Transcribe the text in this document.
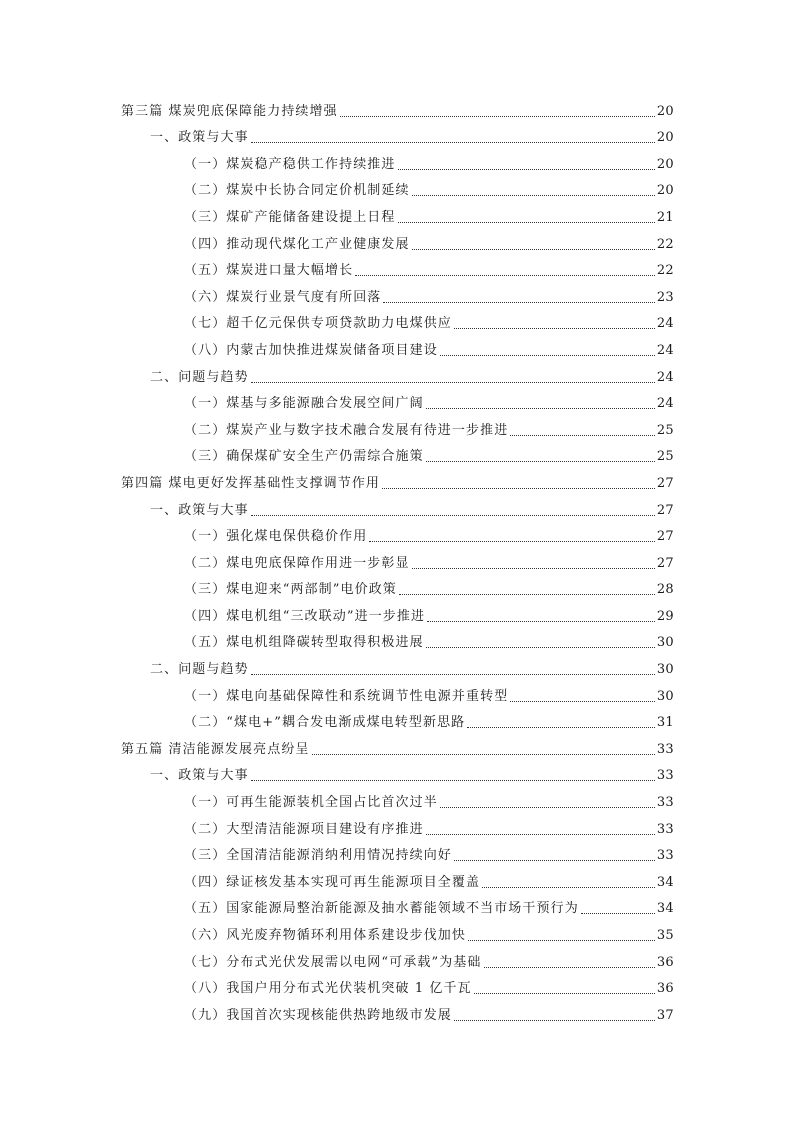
第三篇 煤炭兜底保障能力持续增强	20
一、政策与大事	20
（一）煤炭稳产稳供工作持续推进	20
（二）煤炭中长协合同定价机制延续	20
（三）煤矿产能储备建设提上日程	21
（四）推动现代煤化工产业健康发展	22
（五）煤炭进口量大幅增长	22
（六）煤炭行业景气度有所回落	23
（七）超千亿元保供专项贷款助力电煤供应	24
（八）内蒙古加快推进煤炭储备项目建设	24
二、问题与趋势	24
（一）煤基与多能源融合发展空间广阔	24
（二）煤炭产业与数字技术融合发展有待进一步推进	25
（三）确保煤矿安全生产仍需综合施策	25
第四篇 煤电更好发挥基础性支撑调节作用	27
一、政策与大事	27
（一）强化煤电保供稳价作用	27
（二）煤电兜底保障作用进一步彰显	27
（三）煤电迎来“两部制”电价政策	28
（四）煤电机组“三改联动”进一步推进	29
（五）煤电机组降碳转型取得积极进展	30
二、问题与趋势	30
（一）煤电向基础保障性和系统调节性电源并重转型	30
（二）“煤电+”耦合发电渐成煤电转型新思路	31
第五篇 清洁能源发展亮点纷呈	33
一、政策与大事	33
（一）可再生能源装机全国占比首次过半	33
（二）大型清洁能源项目建设有序推进	33
（三）全国清洁能源消纳利用情况持续向好	33
（四）绿证核发基本实现可再生能源项目全覆盖	34
（五）国家能源局整治新能源及抽水蓄能领域不当市场干预行为	34
（六）风光废弃物循环利用体系建设步伐加快	35
（七）分布式光伏发展需以电网“可承载”为基础	36
（八）我国户用分布式光伏装机突破 1 亿千瓦	36
（九）我国首次实现核能供热跨地级市发展	37
